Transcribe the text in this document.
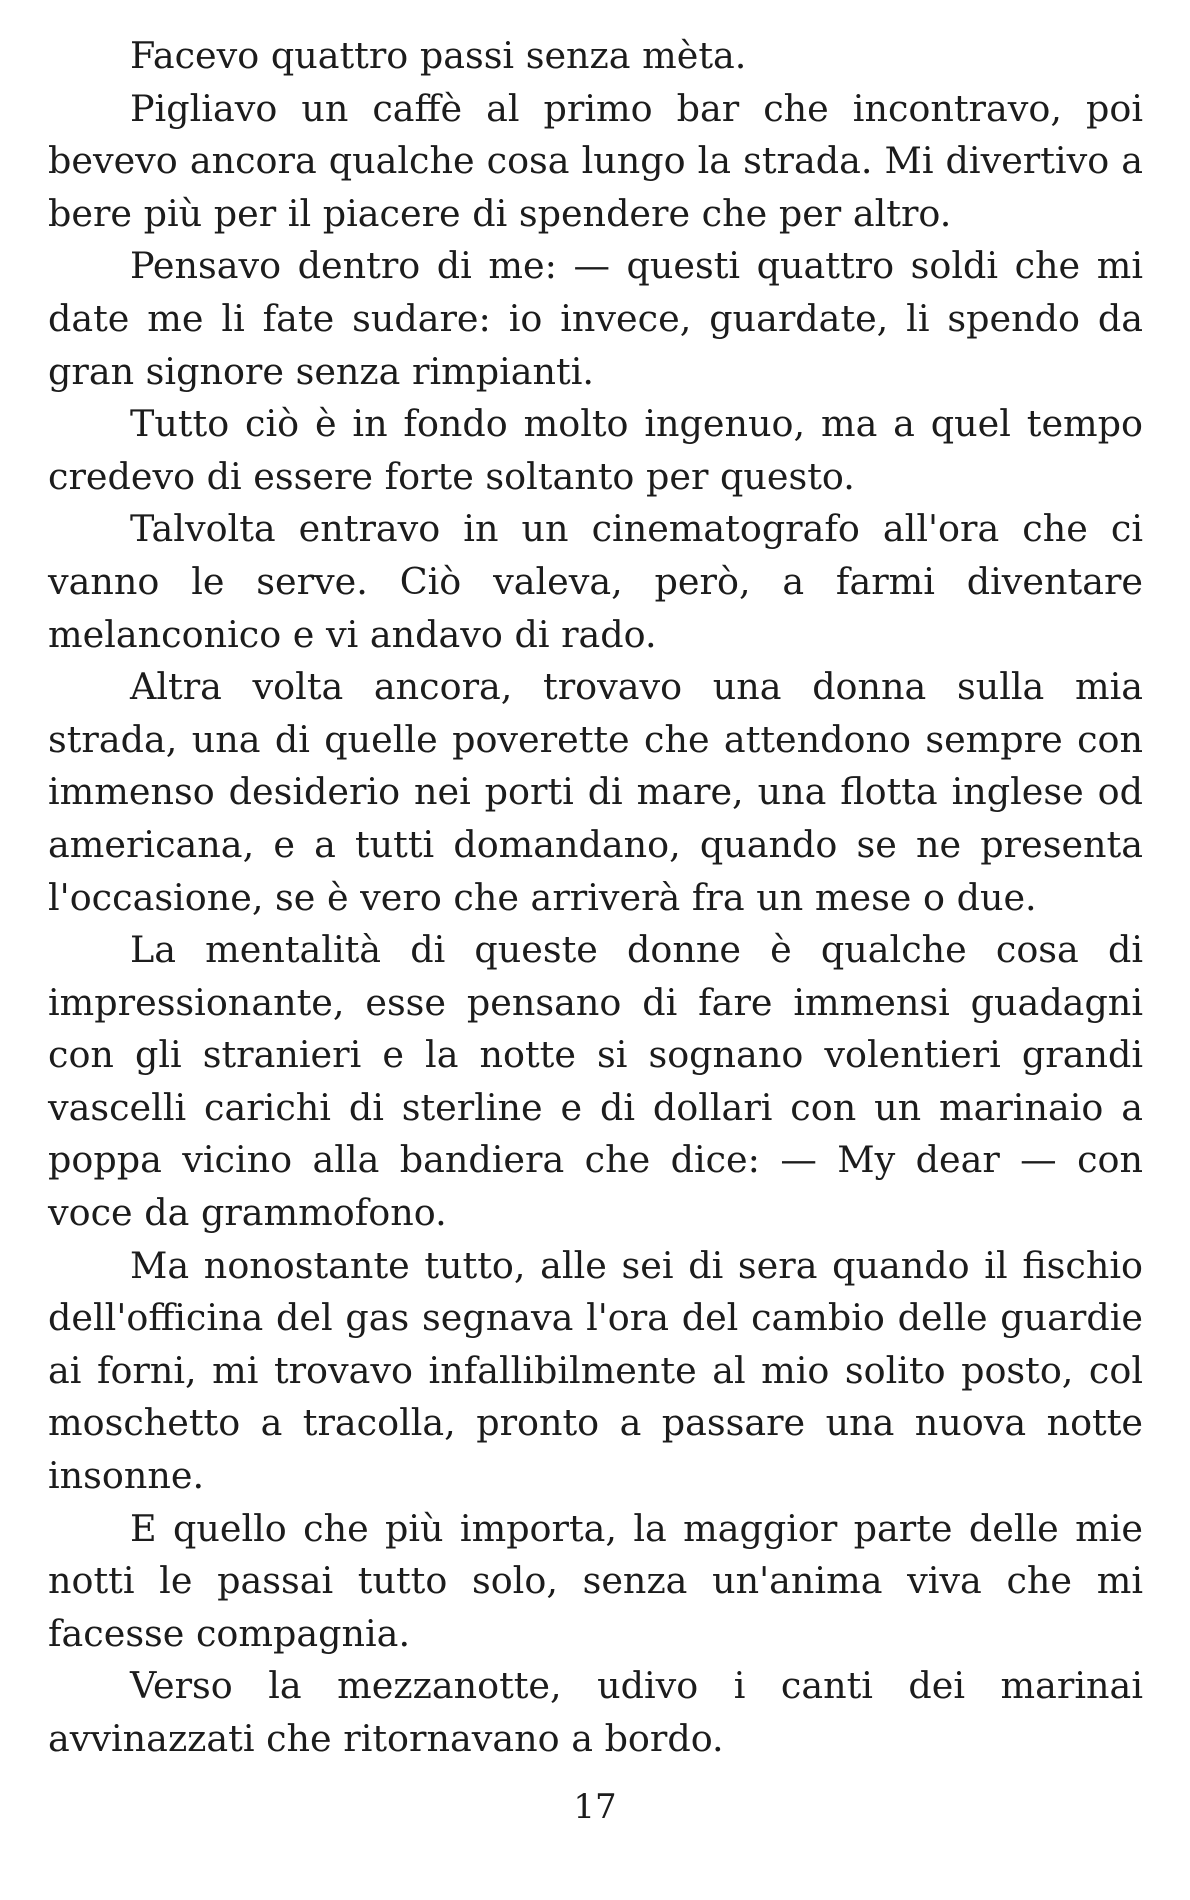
Facevo quattro passi senza mèta.

Pigliavo un caffè al primo bar che incontravo, poi bevevo ancora qualche cosa lungo la strada. Mi divertivo a bere più per il piacere di spendere che per altro.

Pensavo dentro di me: — questi quattro soldi che mi date me li fate sudare: io invece, guardate, li spendo da gran signore senza rimpianti.

Tutto ciò è in fondo molto ingenuo, ma a quel tempo credevo di essere forte soltanto per questo.

Talvolta entravo in un cinematografo all'ora che ci vanno le serve. Ciò valeva, però, a farmi diventare melanconico e vi andavo di rado.

Altra volta ancora, trovavo una donna sulla mia strada, una di quelle poverette che attendono sempre con immenso desiderio nei porti di mare, una flotta inglese od americana, e a tutti domandano, quando se ne presenta l'occasione, se è vero che arriverà fra un mese o due.

La mentalità di queste donne è qualche cosa di impressionante, esse pensano di fare immensi guadagni con gli stranieri e la notte si sognano volentieri grandi vascelli carichi di sterline e di dollari con un marinaio a poppa vicino alla bandiera che dice: — My dear — con voce da grammofono.

Ma nonostante tutto, alle sei di sera quando il fischio dell'officina del gas segnava l'ora del cambio delle guardie ai forni, mi trovavo infallibilmente al mio solito posto, col moschetto a tracolla, pronto a passare una nuova notte insonne.

E quello che più importa, la maggior parte delle mie notti le passai tutto solo, senza un'anima viva che mi facesse compagnia.

Verso la mezzanotte, udivo i canti dei marinai avvinazzati che ritornavano a bordo.

17
